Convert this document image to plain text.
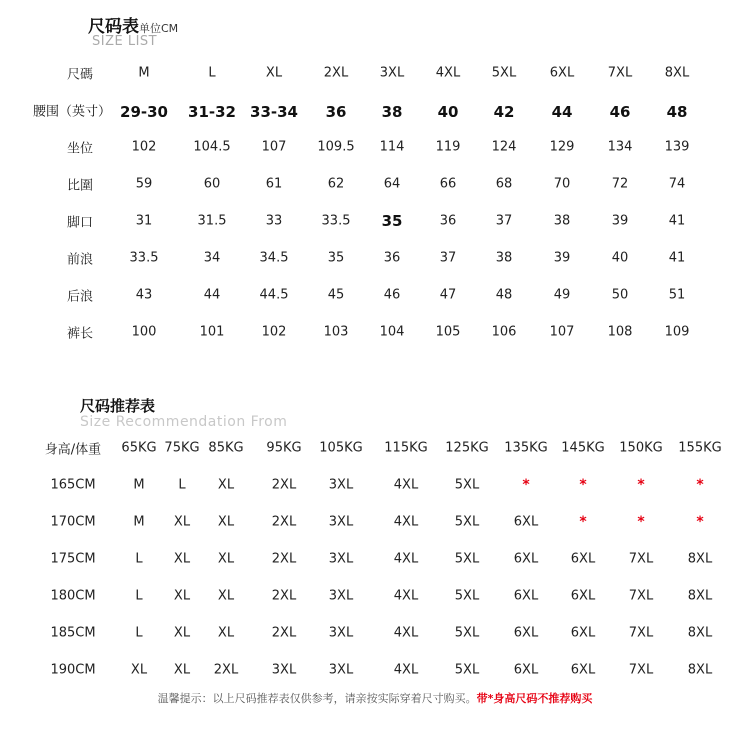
尺码表单位CM
SIZE LIST
尺碼	M	L	XL	2XL 3XL 4XL 5XL	6XL	7XL	8XL
腰围（英寸） 29-30 31-32 33-34 36 38 40 42 44 46 48
坐位	102	104.5 107 109.5 114 119 124	129	134 139
比圍	59	60	61	62	64	66	68	70	72	74
脚口	31	31.5	33	33.5 35	36	37	38	39	41
前浪	33.5	34	34.5	35	36	37	38	39	40	41
后浪	43	44	44.5	45	46	47	48	49	50	51
裤长	100	101	102	103 104 105 106	107	108 109
尺码推荐表
Size Recommendation From
身高/体重 65KG 75KG 85KG 95KG 105KG 115KG 125KG 135KG 145KG 150KG 155KG
165CM	M	L XL	2XL	3XL	4XL	5XL	*	*	*	*
170CM	M XL XL	2XL	3XL	4XL	5XL	6XL	*	*	*
175CM	L XL XL	2XL	3XL	4XL	5XL	6XL	6XL	7XL	8XL
180CM	L XL XL	2XL	3XL	4XL	5XL	6XL	6XL	7XL	8XL
185CM	L XL XL	2XL	3XL	4XL	5XL	6XL	6XL	7XL	8XL
190CM	XL XL 2XL	3XL	3XL	4XL	5XL	6XL	6XL	7XL	8XL
温馨提示：以上尺码推荐表仅供参考，请亲按实际穿着尺寸购买。带*身高尺码不推荐购买
